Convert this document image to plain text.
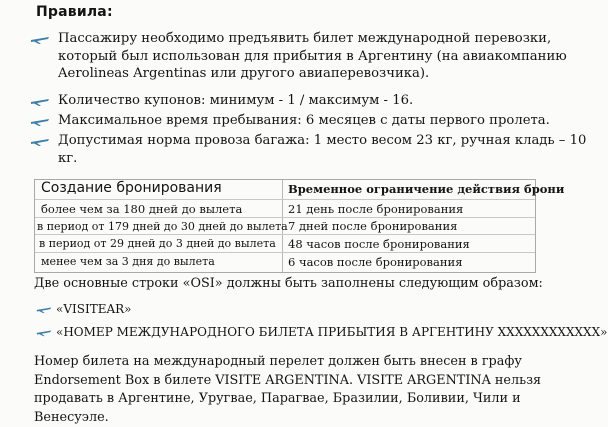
Правила:
Пассажиру необходимо предъявить билет международной перевозки, который был использован для прибытия в Аргентину (на авиакомпанию Aerolineas Argentinas или другого авиаперевозчика).
Количество купонов: минимум - 1 / максимум - 16.
Максимальное время пребывания: 6 месяцев с даты первого пролета.
Допустимая норма провоза багажа: 1 место весом 23 кг, ручная кладь – 10 кг.
Создание бронирования	Временное ограничение действия брони
более чем за 180 дней до вылета	21 день после бронирования
в период от 179 дней до 30 дней до вылета 7 дней после бронирования
в период от 29 дней до 3 дней до вылета 48 часов после бронирования
менее чем за 3 дня до вылета	6 часов после бронирования
Две основные строки «OSI» должны быть заполнены следующим образом:
«VISITEAR»
«НОМЕР МЕЖДУНАРОДНОГО БИЛЕТА ПРИБЫТИЯ В АРГЕНТИНУ XXXXXXXXXXXX»
Номер билета на международный перелет должен быть внесен в графу Endorsement Box в билете VISITE ARGENTINA. VISITE ARGENTINA нельзя продавать в Аргентине, Уругвае, Парагвае, Бразилии, Боливии, Чили и Венесуэле.
